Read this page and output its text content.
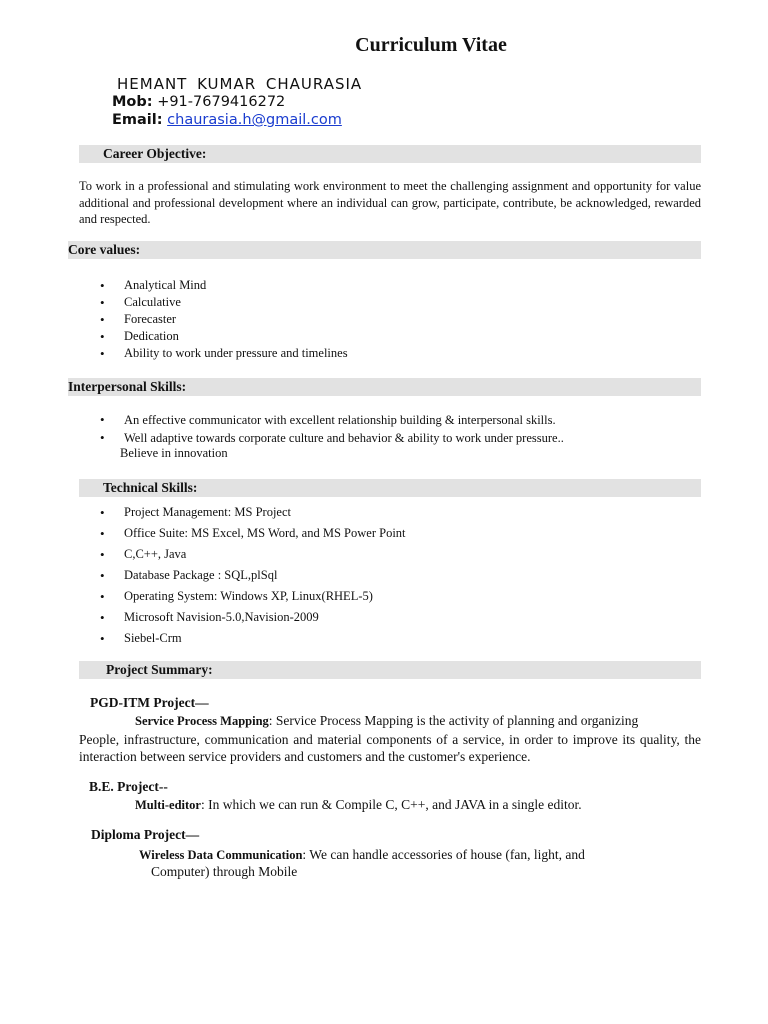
Curriculum Vitae
HEMANT KUMAR CHAURASIA
Mob: +91-7679416272
Email: chaurasia.h@gmail.com
Career Objective:
To work in a professional and stimulating work environment to meet the challenging assignment and opportunity for value additional and professional development where an individual can grow, participate, contribute, be acknowledged, rewarded and respected.
Core values:
• Analytical Mind
• Calculative
• Forecaster
• Dedication
• Ability to work under pressure and timelines
Interpersonal Skills:
• An effective communicator with excellent relationship building & interpersonal skills.
• Well adaptive towards corporate culture and behavior & ability to work under pressure..
Believe in innovation
Technical Skills:
• Project Management: MS Project
• Office Suite: MS Excel, MS Word, and MS Power Point
• C,C++, Java
• Database Package : SQL,plSql
• Operating System: Windows XP, Linux(RHEL-5)
• Microsoft Navision-5.0,Navision-2009
• Siebel-Crm
Project Summary:
PGD-ITM Project—
Service Process Mapping: Service Process Mapping is the activity of planning and organizing
People, infrastructure, communication and material components of a service, in order to improve its quality, the interaction between service providers and customers and the customer's experience.
B.E. Project--
Multi-editor: In which we can run & Compile C, C++, and JAVA in a single editor.
Diploma Project—
Wireless Data Communication: We can handle accessories of house (fan, light, and
Computer) through Mobile
